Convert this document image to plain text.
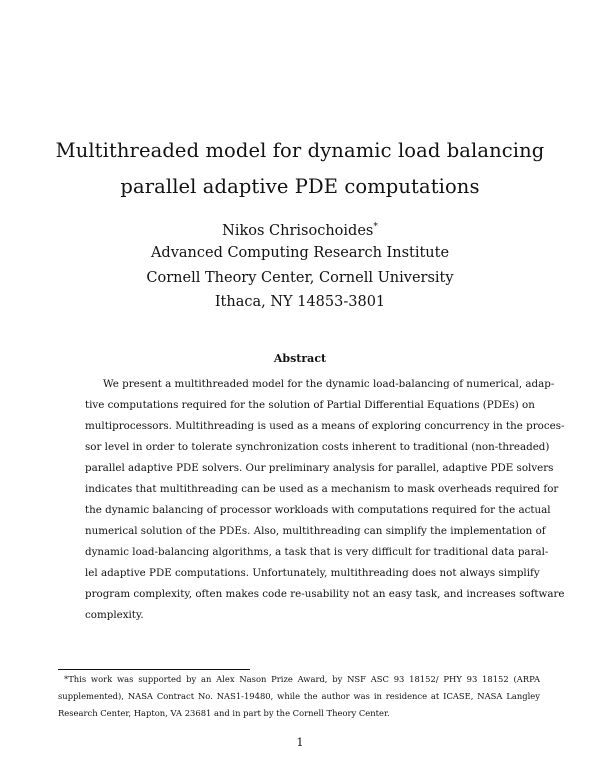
Multithreaded model for dynamic load balancing
parallel adaptive PDE computations
Nikos Chrisochoides*
Advanced Computing Research Institute
Cornell Theory Center, Cornell University
Ithaca, NY 14853-3801
Abstract
We present a multithreaded model for the dynamic load-balancing of numerical, adap-
tive computations required for the solution of Partial Differential Equations (PDEs) on
multiprocessors. Multithreading is used as a means of exploring concurrency in the proces-
sor level in order to tolerate synchronization costs inherent to traditional (non-threaded)
parallel adaptive PDE solvers. Our preliminary analysis for parallel, adaptive PDE solvers
indicates that multithreading can be used as a mechanism to mask overheads required for
the dynamic balancing of processor workloads with computations required for the actual
numerical solution of the PDEs. Also, multithreading can simplify the implementation of
dynamic load-balancing algorithms, a task that is very difficult for traditional data paral-
lel adaptive PDE computations. Unfortunately, multithreading does not always simplify
program complexity, often makes code re-usability not an easy task, and increases software
complexity.
*This work was supported by an Alex Nason Prize Award, by NSF ASC 93 18152/ PHY 93 18152 (ARPA
supplemented), NASA Contract No. NAS1-19480, while the author was in residence at ICASE, NASA Langley
Research Center, Hapton, VA 23681 and in part by the Cornell Theory Center.
1
